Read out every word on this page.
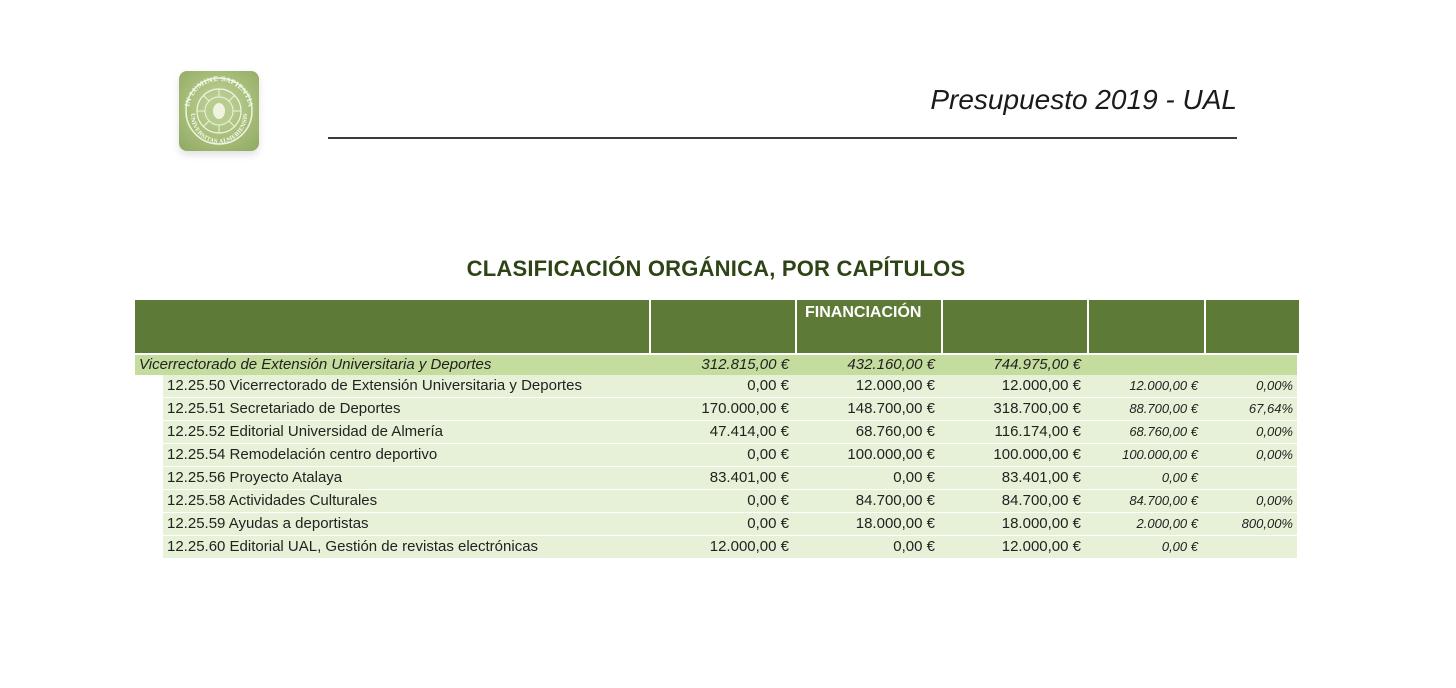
IN LUMINE SAPIENTIA
UNIVERSITAS ALMERIENSIS
Presupuesto 2019 - UAL
CLASIFICACIÓN ORGÁNICA, POR CAPÍTULOS
FINANCIACIÓN
Vicerrectorado de Extensión Universitaria y Deportes	312.815,00 €	432.160,00 €	744.975,00 €
12.25.50 Vicerrectorado de Extensión Universitaria y Deportes	0,00 €	12.000,00 €	12.000,00 €	12.000,00 €	0,00%
12.25.51 Secretariado de Deportes	170.000,00 €	148.700,00 €	318.700,00 €	88.700,00 €	67,64%
12.25.52 Editorial Universidad de Almería	47.414,00 €	68.760,00 €	116.174,00 €	68.760,00 €	0,00%
12.25.54 Remodelación centro deportivo	0,00 €	100.000,00 €	100.000,00 €	100.000,00 €	0,00%
12.25.56 Proyecto Atalaya	83.401,00 €	0,00 €	83.401,00 €	0,00 €
12.25.58 Actividades Culturales	0,00 €	84.700,00 €	84.700,00 €	84.700,00 €	0,00%
12.25.59 Ayudas a deportistas	0,00 €	18.000,00 €	18.000,00 €	2.000,00 €	800,00%
12.25.60 Editorial UAL, Gestión de revistas electrónicas	12.000,00 €	0,00 €	12.000,00 €	0,00 €
